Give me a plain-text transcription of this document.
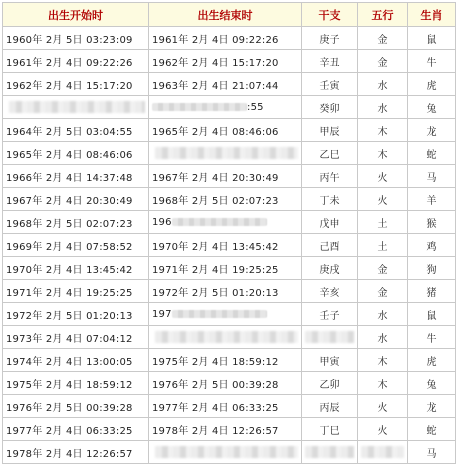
出生开始时	出生结束时	干支	五行	生肖
1960年 2月 5日 03:23:09	1961年 2月 4日 09:22:26	庚子	金	鼠
1961年 2月 4日 09:22:26	1962年 2月 4日 15:17:20	辛丑	金	牛
1962年 2月 4日 15:17:20	1963年 2月 4日 21:07:44	壬寅	水	虎

	:55	癸卯	水	兔
1964年 2月 5日 03:04:55	1965年 2月 4日 08:46:06	甲辰	木	龙
1965年 2月 4日 08:46:06		乙巳	木	蛇
1966年 2月 4日 14:37:48	1967年 2月 4日 20:30:49	丙午	火	马
1967年 2月 4日 20:30:49	1968年 2月 5日 02:07:23	丁未	火	羊
1968年 2月 5日 02:07:23	196	戊申	土	猴
1969年 2月 4日 07:58:52	1970年 2月 4日 13:45:42	己酉	土	鸡
1970年 2月 4日 13:45:42	1971年 2月 4日 19:25:25	庚戌	金	狗
1971年 2月 4日 19:25:25	1972年 2月 5日 01:20:13	辛亥	金	猪
1972年 2月 5日 01:20:13	197	壬子	水	鼠
1973年 2月 4日 07:04:12			水	牛
1974年 2月 4日 13:00:05	1975年 2月 4日 18:59:12	甲寅	木	虎
1975年 2月 4日 18:59:12	1976年 2月 5日 00:39:28	乙卯	木	兔
1976年 2月 5日 00:39:28	1977年 2月 4日 06:33:25	丙辰	火	龙
1977年 2月 4日 06:33:25	1978年 2月 4日 12:26:57	丁巳	火	蛇
1978年 2月 4日 12:26:57				马
